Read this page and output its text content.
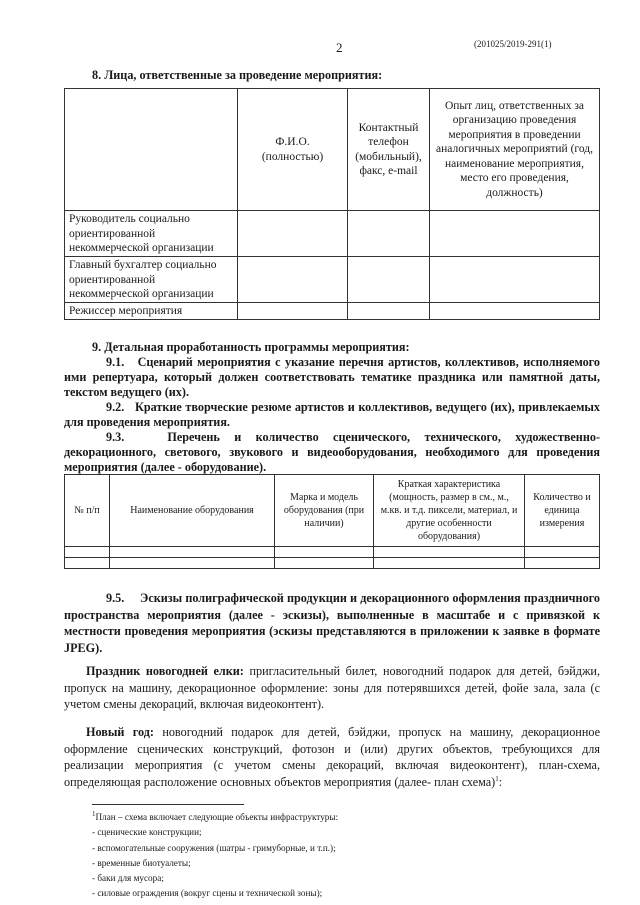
2	(201025/2019-291(1)
8. Лица, ответственные за проведение мероприятия:

	Ф.И.О. (полностью)	Контактный телефон (мобильный), факс, e-mail	Опыт лиц, ответственных за организацию проведения мероприятия в проведении аналогичных мероприятий (год, наименование мероприятия, место его проведения, должность)

Руководитель социально ориентированной некоммерческой организации			

Главный бухгалтер социально ориентированной некоммерческой организации			

Режиссер мероприятия			

9. Детальная проработанность программы мероприятия:
9.1. Сценарий мероприятия с указание перечня артистов, коллективов, исполняемого ими репертуара, который должен соответствовать тематике праздника или памятной даты, текстом ведущего (их).
9.2. Краткие творческие резюме артистов и коллективов, ведущего (их), привлекаемых для проведения мероприятия.
9.3.	Перечень и количество сценического, технического, художественно-декорационного, светового, звукового и видеооборудования, необходимого для проведения мероприятия (далее - оборудование).
№ п/п	Наименование оборудования	Марка и модель оборудования (при наличии)	Краткая характеристика (мощность, размер в см., м., м.кв. и т.д. пиксели, материал, и другие особенности оборудования)	Количество и единица измерения

9.5. Эскизы полиграфической продукции и декорационного оформления праздничного пространства мероприятия (далее - эскизы), выполненные в масштабе и с привязкой к местности проведения мероприятия (эскизы представляются в приложении к заявке в формате JPEG).
Праздник новогодней елки: пригласительный билет, новогодний подарок для детей, бэйджи, пропуск на машину, декорационное оформление: зоны для потерявшихся детей, фойе зала, зала (с учетом смены декораций, включая видеоконтент).
Новый год: новогодний подарок для детей, бэйджи, пропуск на машину, декорационное оформление сценических конструкций, фотозон и (или) других объектов, требующихся для реализации мероприятия (с учетом смены декораций, включая видеоконтент), план-схема, определяющая расположение основных объектов мероприятия (далее- план схема)$^1$:
$^1$План – схема включает следующие объекты инфраструктуры:
- сценические конструкции;
- вспомогательные сооружения (шатры - гримуборные, и т.п.);
- временные биотуалеты;
- баки для мусора;
- силовые ограждения (вокруг сцены и технической зоны);
